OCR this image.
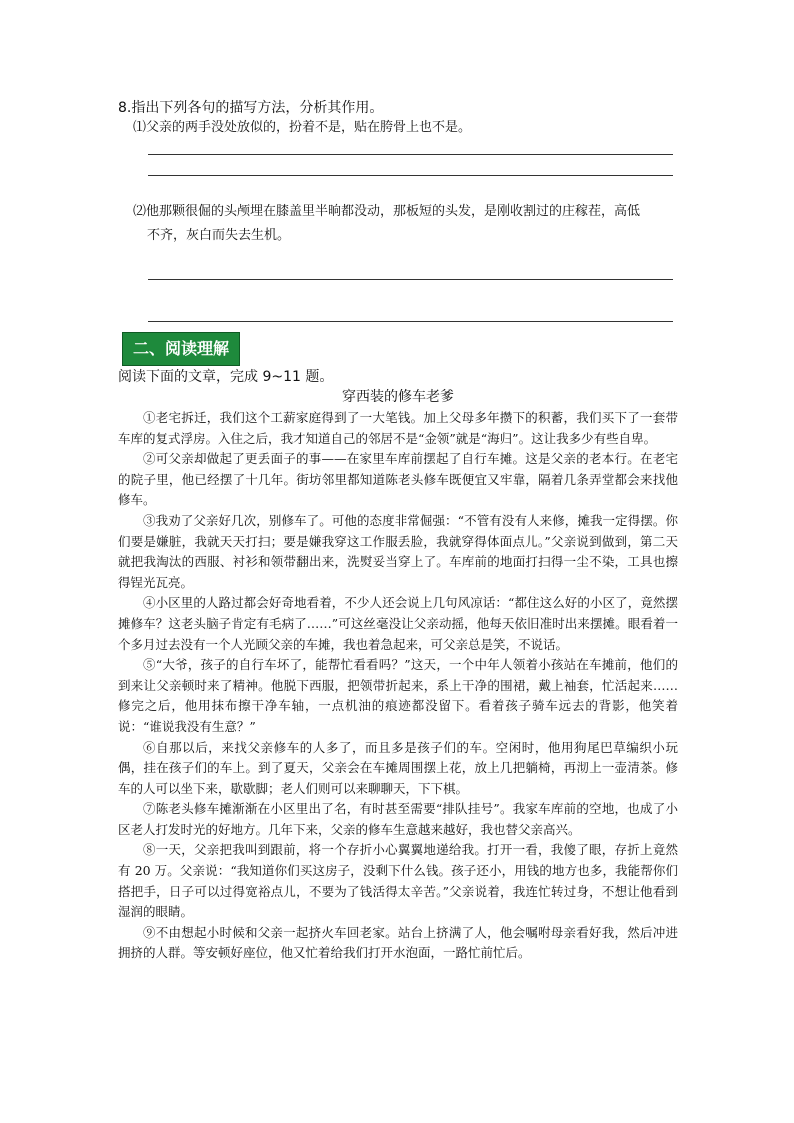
8.指出下列各句的描写方法，分析其作用。
⑴父亲的两手没处放似的，扮着不是，贴在胯骨上也不是。
⑵他那颗很倔的头颅埋在膝盖里半晌都没动，那板短的头发，是刚收割过的庄稼茬，高低
不齐，灰白而失去生机。
二、阅读理解
阅读下面的文章，完成 9~11 题。
穿西装的修车老爹

①老宅拆迁，我们这个工薪家庭得到了一大笔钱。加上父母多年攒下的积蓄，我们买下了一套带车库的复式浮房。入住之后，我才知道自己的邻居不是“金领”就是“海归”。这让我多少有些自卑。

②可父亲却做起了更丢面子的事——在家里车库前摆起了自行车摊。这是父亲的老本行。在老宅的院子里，他已经摆了十几年。街坊邻里都知道陈老头修车既便宜又牢靠，隔着几条弄堂都会来找他修车。

③我劝了父亲好几次，别修车了。可他的态度非常倔强：“不管有没有人来修，摊我一定得摆。你们要是嫌脏，我就天天打扫；要是嫌我穿这工作服丢脸，我就穿得体面点儿。”父亲说到做到，第二天就把我淘汰的西服、衬衫和领带翻出来，洗熨妥当穿上了。车库前的地面打扫得一尘不染，工具也擦得锃光瓦亮。

④小区里的人路过都会好奇地看着，不少人还会说上几句风凉话：“都住这么好的小区了，竟然摆摊修车？这老头脑子肯定有毛病了……”可这丝毫没让父亲动摇，他每天依旧准时出来摆摊。眼看着一个多月过去没有一个人光顾父亲的车摊，我也着急起来，可父亲总是笑，不说话。

⑤“大爷，孩子的自行车坏了，能帮忙看看吗？”这天，一个中年人领着小孩站在车摊前，他们的到来让父亲顿时来了精神。他脱下西服，把领带折起来，系上干净的围裙，戴上袖套，忙活起来……修完之后，他用抹布擦干净车轴，一点机油的痕迹都没留下。看着孩子骑车远去的背影，他笑着说：“谁说我没有生意？”

⑥自那以后，来找父亲修车的人多了，而且多是孩子们的车。空闲时，他用狗尾巴草编织小玩偶，挂在孩子们的车上。到了夏天，父亲会在车摊周围摆上花，放上几把躺椅，再沏上一壶清茶。修车的人可以坐下来，歇歇脚；老人们则可以来聊聊天，下下棋。

⑦陈老头修车摊渐渐在小区里出了名，有时甚至需要“排队挂号”。我家车库前的空地，也成了小区老人打发时光的好地方。几年下来，父亲的修车生意越来越好，我也替父亲高兴。

⑧一天，父亲把我叫到跟前，将一个存折小心翼翼地递给我。打开一看，我傻了眼，存折上竟然有 20 万。父亲说：“我知道你们买这房子，没剩下什么钱。孩子还小，用钱的地方也多，我能帮你们搭把手，日子可以过得宽裕点儿，不要为了钱活得太辛苦。”父亲说着，我连忙转过身，不想让他看到湿润的眼睛。

⑨不由想起小时候和父亲一起挤火车回老家。站台上挤满了人，他会嘱咐母亲看好我，然后冲进拥挤的人群。等安顿好座位，他又忙着给我们打开水泡面，一路忙前忙后。
